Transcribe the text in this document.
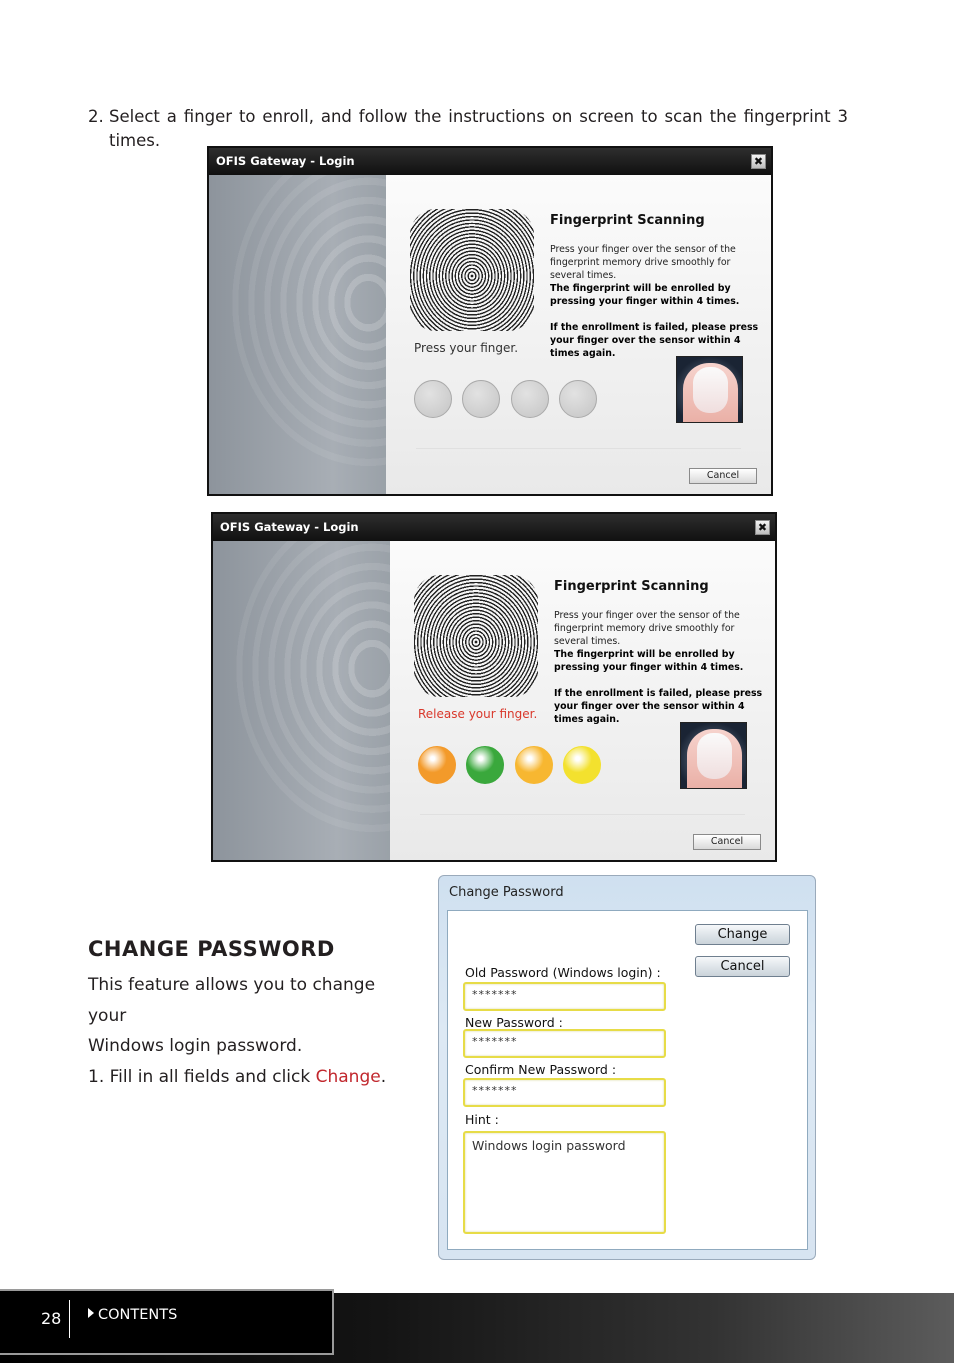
2. Select a finger to enroll, and follow the instructions on screen to scan the fingerprint 3 times.
OFIS Gateway - Login	✖
Press your finger.
Fingerprint Scanning
Press your finger over the sensor of the fingerprint memory drive smoothly for several times.
The fingerprint will be enrolled by pressing your finger within 4 times.
If the enrollment is failed, please press your finger over the sensor within 4 times again.
Cancel
OFIS Gateway - Login	✖
Release your finger.
Fingerprint Scanning
Press your finger over the sensor of the fingerprint memory drive smoothly for several times.
The fingerprint will be enrolled by pressing your finger within 4 times.
If the enrollment is failed, please press your finger over the sensor within 4 times again.
Cancel
CHANGE PASSWORD
This feature allows you to change your
Windows login password.
1. Fill in all fields and click Change.
Change Password
Change
Cancel
Old Password (Windows login) :
*******
New Password :
*******
Confirm New Password :
*******
Hint :
Windows login password
28	CONTENTS
